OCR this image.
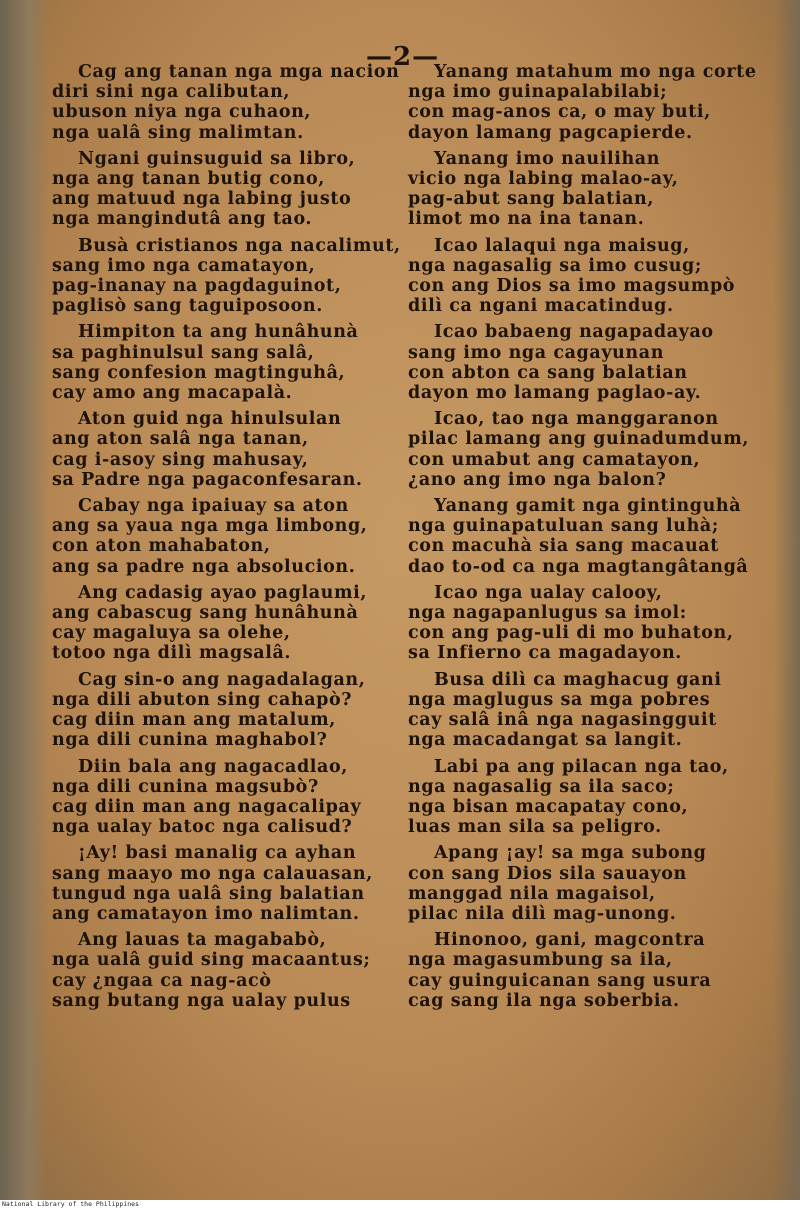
—2—
Cag ang tanan nga mga nacion
diri sini nga calibutan,
ubuson niya nga cuhaon,
nga ualâ sing malimtan.
Ngani guinsuguid sa libro,
nga ang tanan butig cono,
ang matuud nga labing justo
nga mangindutâ ang tao.
Busà cristianos nga nacalimut,
sang imo nga camatayon,
pag-inanay na pagdaguinot,
paglisò sang taguiposoon.
Himpiton ta ang hunâhunà
sa paghinulsul sang salâ,
sang confesion magtinguhâ,
cay amo ang macapalà.
Aton guid nga hinulsulan
ang aton salâ nga tanan,
cag i-asoy sing mahusay,
sa Padre nga pagaconfesaran.
Cabay nga ipaiuay sa aton
ang sa yaua nga mga limbong,
con aton mahabaton,
ang sa padre nga absolucion.
Ang cadasig ayao paglaumi,
ang cabascug sang hunâhunà
cay magaluya sa olehe,
totoo nga dilì magsalâ.
Cag sin-o ang nagadalagan,
nga dili abuton sing cahapò?
cag diin man ang matalum,
nga dili cunina maghabol?
Diin bala ang nagacadlao,
nga dili cunina magsubò?
cag diin man ang nagacalipay
nga ualay batoc nga calisud?
¡Ay! basi manalig ca ayhan
sang maayo mo nga calauasan,
tungud nga ualâ sing balatian
ang camatayon imo nalimtan.
Ang lauas ta magababò,
nga ualâ guid sing macaantus;
cay ¿ngaa ca nag-acò
sang butang nga ualay pulus
Yanang matahum mo nga corte
nga imo guinapalabilabi;
con mag-anos ca, o may buti,
dayon lamang pagcapierde.
Yanang imo nauilihan
vicio nga labing malao-ay,
pag-abut sang balatian,
limot mo na ina tanan.
Icao lalaqui nga maisug,
nga nagasalig sa imo cusug;
con ang Dios sa imo magsumpò
dilì ca ngani macatindug.
Icao babaeng nagapadayao
sang imo nga cagayunan
con abton ca sang balatian
dayon mo lamang paglao-ay.
Icao, tao nga manggaranon
pilac lamang ang guinadumdum,
con umabut ang camatayon,
¿ano ang imo nga balon?
Yanang gamit nga gintinguhà
nga guinapatuluan sang luhà;
con macuhà sia sang macauat
dao to-od ca nga magtangâtangâ
Icao nga ualay calooy,
nga nagapanlugus sa imol:
con ang pag-uli di mo buhaton,
sa Infierno ca magadayon.
Busa dilì ca maghacug gani
nga maglugus sa mga pobres
cay salâ inâ nga nagasingguit
nga macadangat sa langit.
Labi pa ang pilacan nga tao,
nga nagasalig sa ila saco;
nga bisan macapatay cono,
luas man sila sa peligro.
Apang ¡ay! sa mga subong
con sang Dios sila sauayon
manggad nila magaisol,
pilac nila dilì mag-unong.
Hinonoo, gani, magcontra
nga magasumbung sa ila,
cay guinguicanan sang usura
cag sang ila nga soberbia.
National Library of the Philippines
